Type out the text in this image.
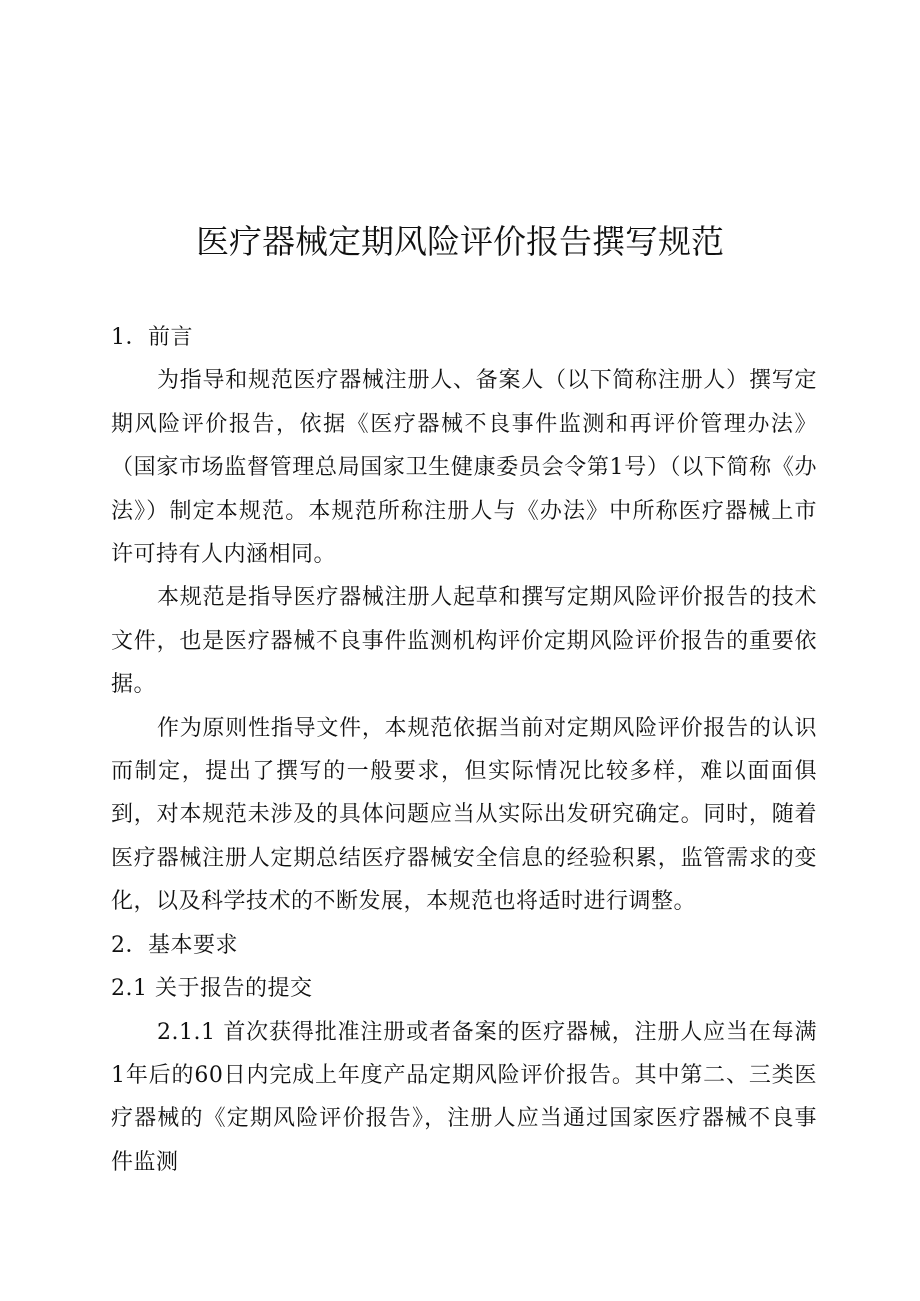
医疗器械定期风险评价报告撰写规范

1．前言

为指导和规范医疗器械注册人、备案人（以下简称注册人）撰写定期风险评价报告，依据《医疗器械不良事件监测和再评价管理办法》（国家市场监督管理总局国家卫生健康委员会令第1号）（以下简称《办法》）制定本规范。本规范所称注册人与《办法》中所称医疗器械上市许可持有人内涵相同。

本规范是指导医疗器械注册人起草和撰写定期风险评价报告的技术文件，也是医疗器械不良事件监测机构评价定期风险评价报告的重要依据。

作为原则性指导文件，本规范依据当前对定期风险评价报告的认识而制定，提出了撰写的一般要求，但实际情况比较多样，难以面面俱到，对本规范未涉及的具体问题应当从实际出发研究确定。同时，随着医疗器械注册人定期总结医疗器械安全信息的经验积累，监管需求的变化，以及科学技术的不断发展，本规范也将适时进行调整。

2．基本要求

2.1 关于报告的提交

2.1.1 首次获得批准注册或者备案的医疗器械，注册人应当在每满1年后的60日内完成上年度产品定期风险评价报告。其中第二、三类医疗器械的《定期风险评价报告》，注册人应当通过国家医疗器械不良事件监测
